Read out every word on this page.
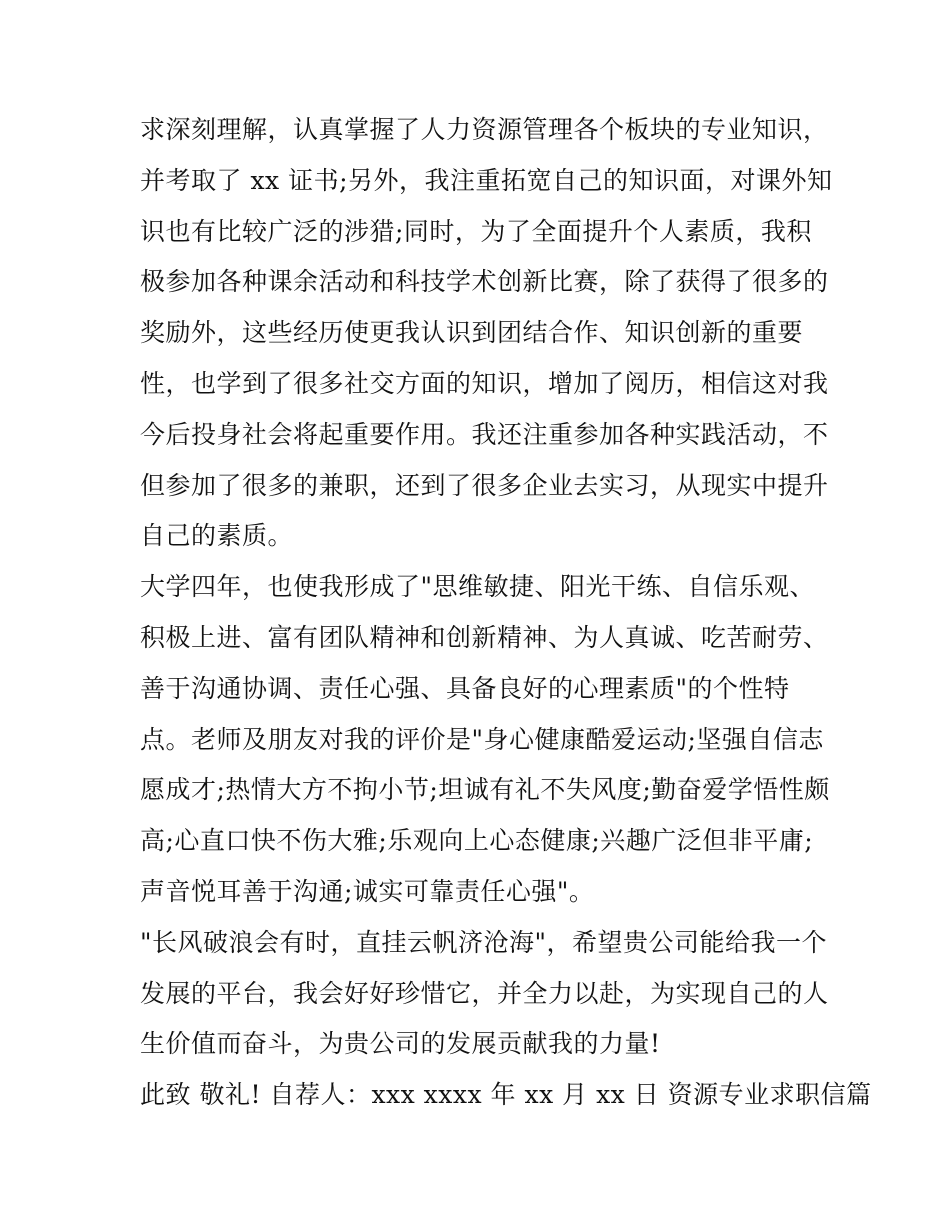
求深刻理解，认真掌握了人力资源管理各个板块的专业知识，
并考取了 xx 证书;另外，我注重拓宽自己的知识面，对课外知
识也有比较广泛的涉猎;同时，为了全面提升个人素质，我积
极参加各种课余活动和科技学术创新比赛，除了获得了很多的
奖励外，这些经历使更我认识到团结合作、知识创新的重要
性，也学到了很多社交方面的知识，增加了阅历，相信这对我
今后投身社会将起重要作用。我还注重参加各种实践活动，不
但参加了很多的兼职，还到了很多企业去实习，从现实中提升
自己的素质。
大学四年，也使我形成了"思维敏捷、阳光干练、自信乐观、
积极上进、富有团队精神和创新精神、为人真诚、吃苦耐劳、
善于沟通协调、责任心强、具备良好的心理素质"的个性特
点。老师及朋友对我的评价是"身心健康酷爱运动;坚强自信志
愿成才;热情大方不拘小节;坦诚有礼不失风度;勤奋爱学悟性颇
高;心直口快不伤大雅;乐观向上心态健康;兴趣广泛但非平庸;
声音悦耳善于沟通;诚实可靠责任心强"。
"长风破浪会有时，直挂云帆济沧海"，希望贵公司能给我一个
发展的平台，我会好好珍惜它，并全力以赴，为实现自己的人
生价值而奋斗，为贵公司的发展贡献我的力量!
此致 敬礼! 自荐人：xxx xxxx 年 xx 月 xx 日 资源专业求职信篇
